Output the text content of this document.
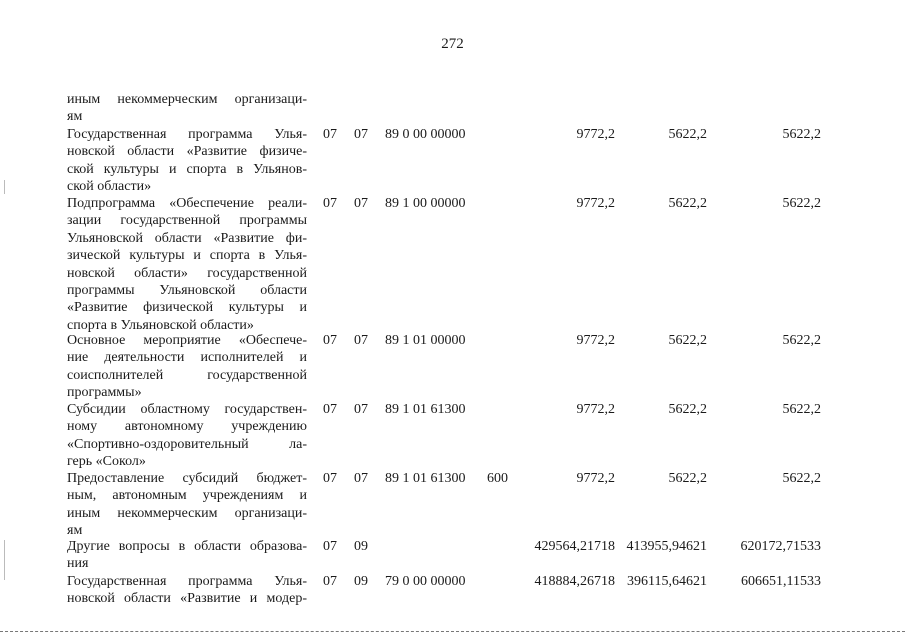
272
иным некоммерческим организаци-
ям
Государственная программа Улья-
новской области «Развитие физиче-
ской культуры и спорта в Ульянов-
ской области»
07 07 89 0 00 00000	9772,2	5622,2	5622,2
Подпрограмма «Обеспечение реали-
зации государственной программы
Ульяновской области «Развитие фи-
зической культуры и спорта в Улья-
новской области» государственной
программы Ульяновской области
«Развитие физической культуры и
спорта в Ульяновской области»
07 07 89 1 00 00000	9772,2	5622,2	5622,2
Основное мероприятие «Обеспече-
ние деятельности исполнителей и
соисполнителей государственной
программы»
07 07 89 1 01 00000	9772,2	5622,2	5622,2
Субсидии областному государствен-
ному автономному учреждению
«Спортивно-оздоровительный ла-
герь «Сокол»
07 07 89 1 01 61300	9772,2	5622,2	5622,2
Предоставление субсидий бюджет-
ным, автономным учреждениям и
иным некоммерческим организаци-
ям
07 07 89 1 01 61300 600	9772,2	5622,2	5622,2
Другие вопросы в области образова-
ния
07 09	429564,21718 413955,94621 620172,71533
Государственная программа Улья-
новской области «Развитие и модер-
07 09 79 0 00 00000	418884,26718 396115,64621 606651,11533
